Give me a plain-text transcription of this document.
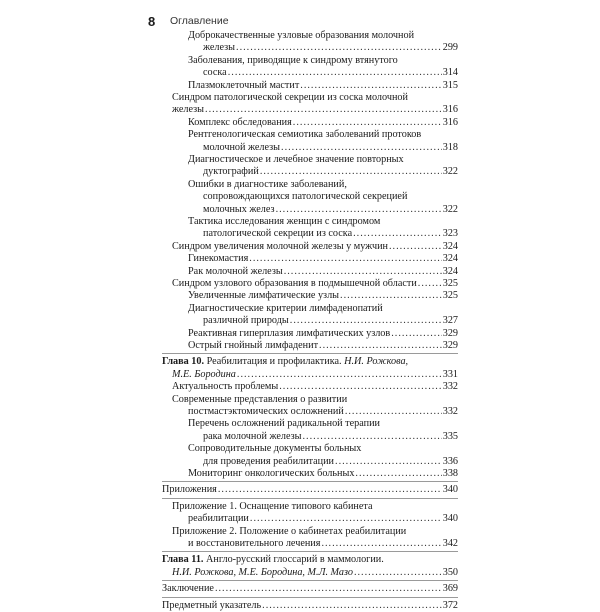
8 Оглавление
Доброкачественные узловые образования молочной
железы .....	299
Заболевания, приводящие к синдрому втянутого
соска .....	314
Плазмоклеточный мастит .....	315
Синдром патологической секреции из соска молочной
железы .....	316
Комплекс обследования .....	316
Рентгенологическая семиотика заболеваний протоков
молочной железы .....	318
Диагностическое и лечебное значение повторных
дуктографий .....	322
Ошибки в диагностике заболеваний,
сопровождающихся патологической секрецией
молочных желез .....	322
Тактика исследования женщин с синдромом
патологической секреции из соска .....	323
Синдром увеличения молочной железы у мужчин .....	324
Гинекомастия .....	324
Рак молочной железы .....	324
Синдром узлового образования в подмышечной области .....	325
Увеличенные лимфатические узлы .....	325
Диагностические критерии лимфаденопатий
различной природы .....	327
Реактивная гиперплазия лимфатических узлов .....	329
Острый гнойный лимфаденит .....	329
Глава 10. Реабилитация и профилактика. Н.И. Рожкова,
М.Е. Бородина .....	331
Актуальность проблемы .....	332
Современные представления о развитии
постмастэктомических осложнений .....	332
Перечень осложнений радикальной терапии
рака молочной железы .....	335
Сопроводительные документы больных
для проведения реабилитации .....	336
Мониторинг онкологических больных .....	338
Приложения .....	340
Приложение 1. Оснащение типового кабинета
реабилитации .....	340
Приложение 2. Положение о кабинетах реабилитации
и восстановительного лечения .....	342
Глава 11. Англо-русский глоссарий в маммологии.
Н.И. Рожкова, М.Е. Бородина, М.Л. Мазо .....	350
Заключение .....	369
Предметный указатель .....	372
